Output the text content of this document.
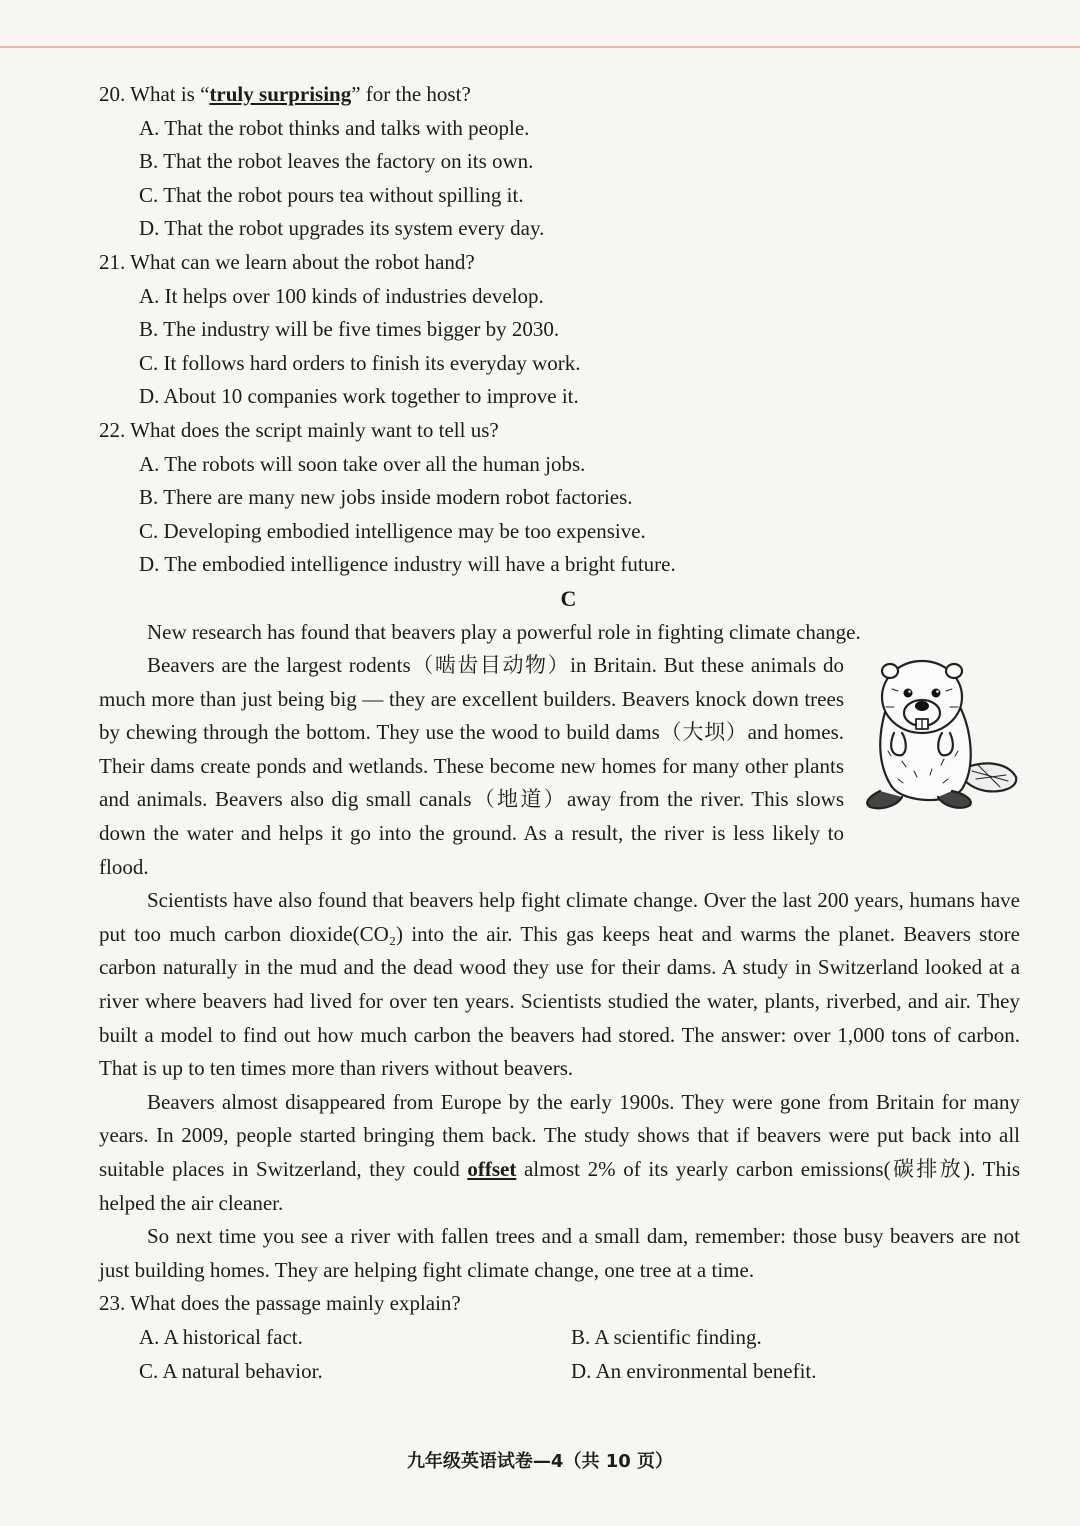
20. What is “truly surprising” for the host?

A. That the robot thinks and talks with people.

B. That the robot leaves the factory on its own.

C. That the robot pours tea without spilling it.

D. That the robot upgrades its system every day.

21. What can we learn about the robot hand?

A. It helps over 100 kinds of industries develop.

B. The industry will be five times bigger by 2030.

C. It follows hard orders to finish its everyday work.

D. About 10 companies work together to improve it.

22. What does the script mainly want to tell us?

A. The robots will soon take over all the human jobs.

B. There are many new jobs inside modern robot factories.

C. Developing embodied intelligence may be too expensive.

D. The embodied intelligence industry will have a bright future.

C

New research has found that beavers play a powerful role in fighting climate change.

Beavers are the largest rodents（啮齿目动物）in Britain. But these animals do much more than just being big — they are excellent builders. Beavers knock down trees by chewing through the bottom. They use the wood to build dams（大坝）and homes. Their dams create ponds and wetlands. These become new homes for many other plants and animals. Beavers also dig small canals（地道）away from the river. This slows down the water and helps it go into the ground. As a result, the river is less likely to flood.

Scientists have also found that beavers help fight climate change. Over the last 200 years, humans have put too much carbon dioxide(CO₂) into the air. This gas keeps heat and warms the planet. Beavers store carbon naturally in the mud and the dead wood they use for their dams. A study in Switzerland looked at a river where beavers had lived for over ten years. Scientists studied the water, plants, riverbed, and air. They built a model to find out how much carbon the beavers had stored. The answer: over 1,000 tons of carbon. That is up to ten times more than rivers without beavers.

Beavers almost disappeared from Europe by the early 1900s. They were gone from Britain for many years. In 2009, people started bringing them back. The study shows that if beavers were put back into all suitable places in Switzerland, they could offset almost 2% of its yearly carbon emissions(碳排放). This helped the air cleaner.

So next time you see a river with fallen trees and a small dam, remember: those busy beavers are not just building homes. They are helping fight climate change, one tree at a time.

23. What does the passage mainly explain?

A. A historical fact.	B. A scientific finding.
C. A natural behavior.	D. An environmental benefit.
九年级英语试卷—4（共 10 页）
